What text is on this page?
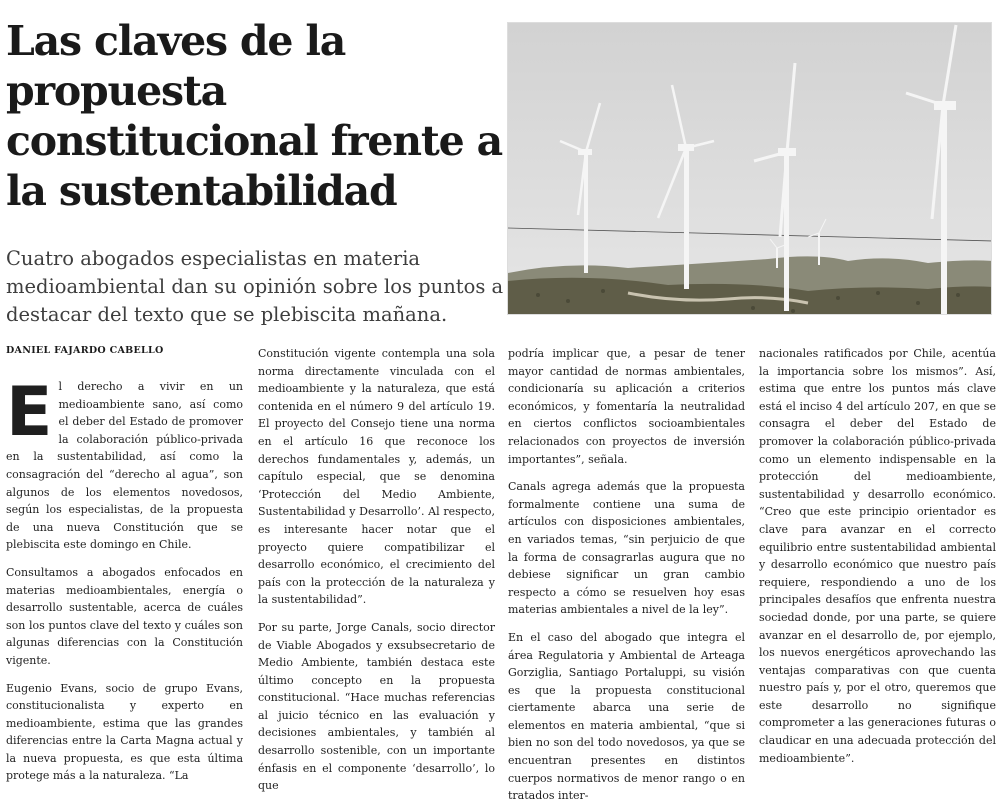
Las claves de la propuesta constitucional frente a la sustentabilidad

Cuatro abogados especialistas en materia medioambiental dan su opinión sobre los puntos a destacar del texto que se plebiscita mañana.

DANIEL FAJARDO CABELLO

El derecho a vivir en un medioambiente sano, así como el deber del Estado de promover la colaboración público-privada en la sustentabilidad, así como la consagración del “derecho al agua”, son algunos de los elementos novedosos, según los especialistas, de la propuesta de una nueva Constitución que se plebiscita este domingo en Chile.

Consultamos a abogados enfocados en materias medioambientales, energía o desarrollo sustentable, acerca de cuáles son los puntos clave del texto y cuáles son algunas diferencias con la Constitución vigente.

Eugenio Evans, socio de grupo Evans, constitucionalista y experto en medioambiente, estima que las grandes diferencias entre la Carta Magna actual y la nueva propuesta, es que esta última protege más a la naturaleza. “La

Constitución vigente contempla una sola norma directamente vinculada con el medioambiente y la naturaleza, que está contenida en el número 9 del artículo 19. El proyecto del Consejo tiene una norma en el artículo 16 que reconoce los derechos fundamentales y, además, un capítulo especial, que se denomina ‘Protección del Medio Ambiente, Sustentabilidad y Desarrollo’. Al respecto, es interesante hacer notar que el proyecto quiere compatibilizar el desarrollo económico, el crecimiento del país con la protección de la naturaleza y la sustentabilidad”.

Por su parte, Jorge Canals, socio director de Viable Abogados y exsubsecretario de Medio Ambiente, también destaca este último concepto en la propuesta constitucional. “Hace muchas referencias al juicio técnico en las evaluación y decisiones ambientales, y también al desarrollo sostenible, con un importante énfasis en el componente ‘desarrollo’, lo que

podría implicar que, a pesar de tener mayor cantidad de normas ambientales, condicionaría su aplicación a criterios económicos, y fomentaría la neutralidad en ciertos conflictos socioambientales relacionados con proyectos de inversión importantes”, señala.

Canals agrega además que la propuesta formalmente contiene una suma de artículos con disposiciones ambientales, en variados temas, “sin perjuicio de que la forma de consagrarlas augura que no debiese significar un gran cambio respecto a cómo se resuelven hoy esas materias ambientales a nivel de la ley”.

En el caso del abogado que integra el área Regulatoria y Ambiental de Arteaga Gorziglia, Santiago Portaluppi, su visión es que la propuesta constitucional ciertamente abarca una serie de elementos en materia ambiental, “que si bien no son del todo novedosos, ya que se encuentran presentes en distintos cuerpos normativos de menor rango o en tratados inter-

nacionales ratificados por Chile, acentúa la importancia sobre los mismos”. Así, estima que entre los puntos más clave está el inciso 4 del artículo 207, en que se consagra el deber del Estado de promover la colaboración público-privada como un elemento indispensable en la protección del medioambiente, sustentabilidad y desarrollo económico. “Creo que este principio orientador es clave para avanzar en el correcto equilibrio entre sustentabilidad ambiental y desarrollo económico que nuestro país requiere, respondiendo a uno de los principales desafíos que enfrenta nuestra sociedad donde, por una parte, se quiere avanzar en el desarrollo de, por ejemplo, los nuevos energéticos aprovechando las ventajas comparativas con que cuenta nuestro país y, por el otro, queremos que este desarrollo no signifique comprometer a las generaciones futuras o claudicar en una adecuada protección del medioambiente”.
